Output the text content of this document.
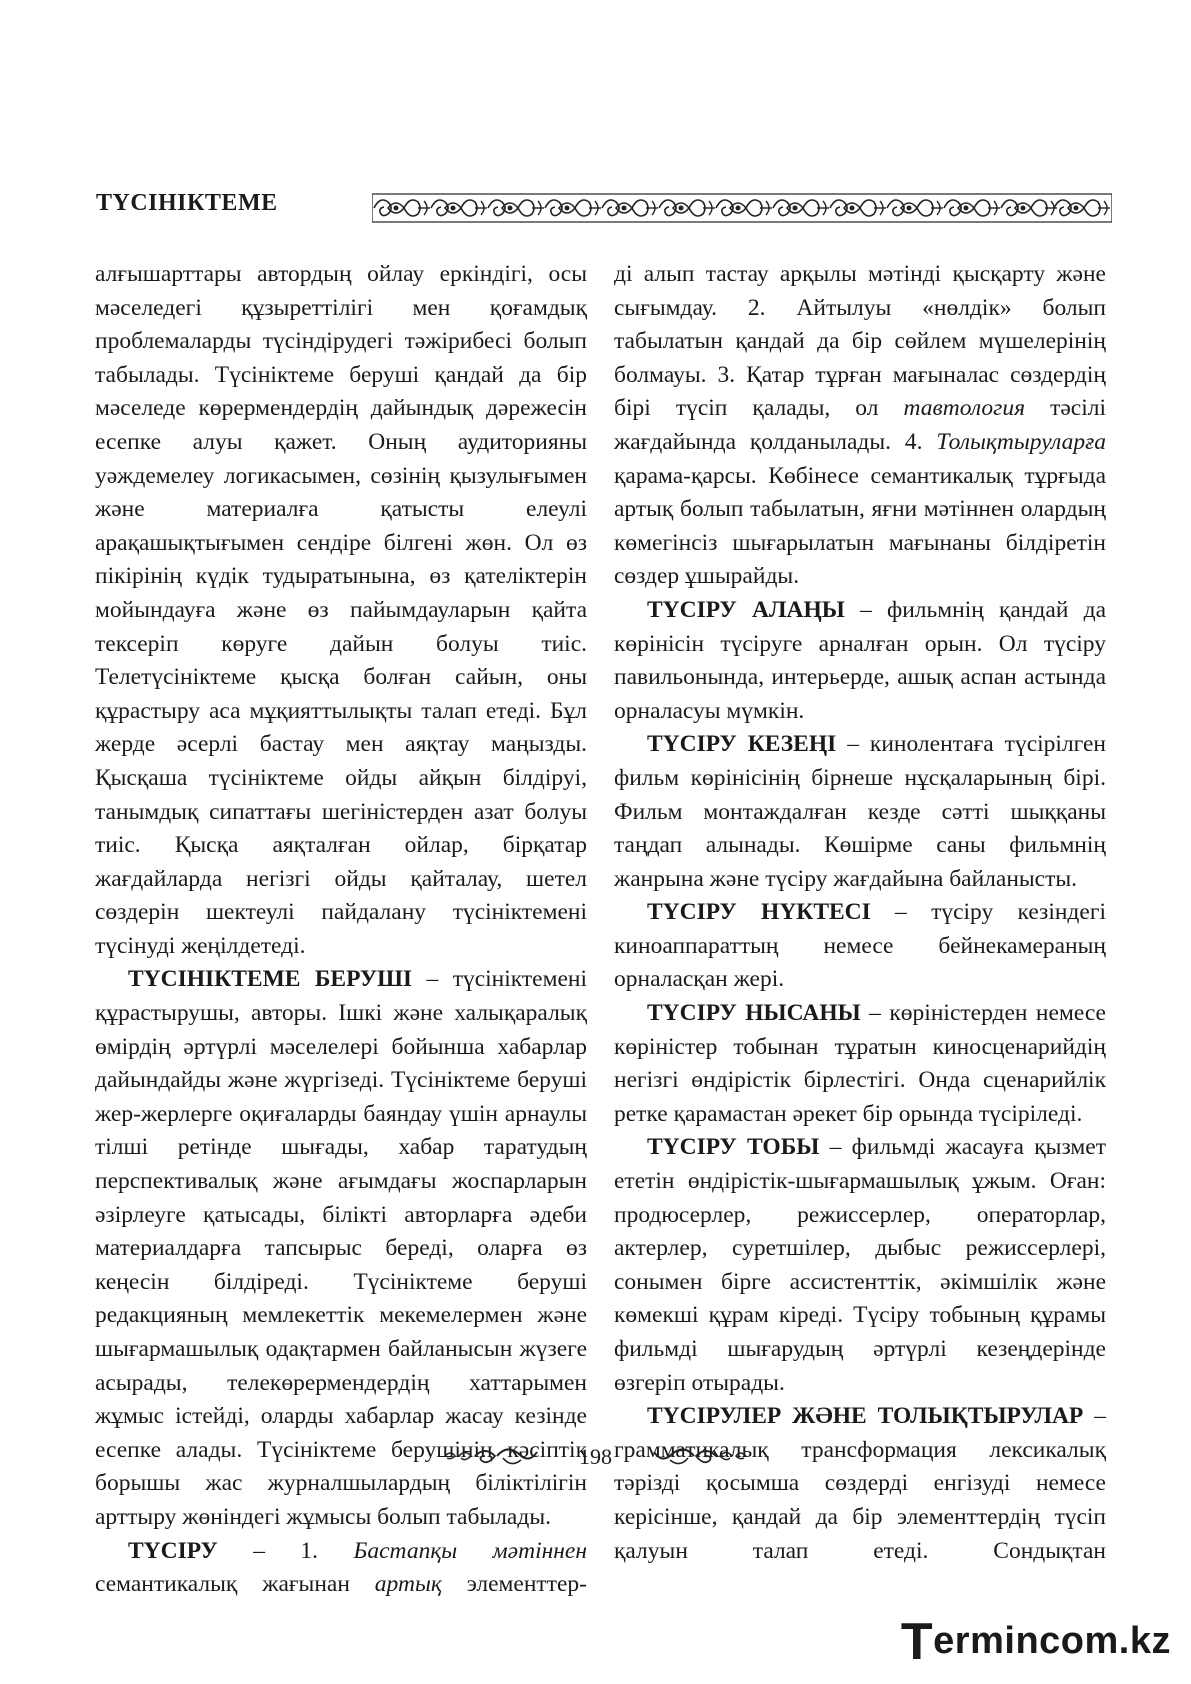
ТҮСІНІКТЕМЕ

алғышарттары автордың ойлау еркіндігі, осы мәселедегі құзыреттілігі мен қоғамдық проблемаларды түсіндірудегі тәжірибесі болып табылады. Түсініктеме беруші қандай да бір мәселеде көрермендердің дайындық дәрежесін есепке алуы қажет. Оның аудиторияны уәждемелеу логикасымен, сөзінің қызулығымен және материалға қатысты елеулі арақашықтығымен сендіре білгені жөн. Ол өз пікірінің күдік тудыратынына, өз қателіктерін мойындауға және өз пайымдауларын қайта тексеріп көруге дайын болуы тиіс. Телетүсініктеме қысқа болған сайын, оны құрастыру аса мұқияттылықты талап етеді. Бұл жерде әсерлі бастау мен аяқтау маңызды. Қысқаша түсініктеме ойды айқын білдіруі, танымдық сипаттағы шегіністерден азат болуы тиіс. Қысқа аяқталған ойлар, бірқатар жағдайларда негізгі ойды қайталау, шетел сөздерін шектеулі пайдалану түсініктемені түсінуді жеңілдетеді.

ТҮСІНІКТЕМЕ БЕРУШІ – түсініктемені құрастырушы, авторы. Ішкі және халықаралық өмірдің әртүрлі мәселелері бойынша хабарлар дайындайды және жүргізеді. Түсініктеме беруші жер-жерлерге оқиғаларды баяндау үшін арнаулы тілші ретінде шығады, хабар таратудың перспективалық және ағымдағы жоспарларын әзірлеуге қатысады, білікті авторларға әдеби материалдарға тапсырыс береді, оларға өз кеңесін білдіреді. Түсініктеме беруші редакцияның мемлекеттік мекемелермен және шығармашылық одақтармен байланысын жүзеге асырады, телекөрермендердің хаттарымен жұмыс істейді, оларды хабарлар жасау кезінде есепке алады. Түсініктеме берушінің кәсіптік борышы жас журналшылардың біліктілігін арттыру жөніндегі жұмысы болып табылады.

ТҮСІРУ – 1. Бастапқы мәтіннен семантикалық жағынан артық элементтер-

ді алып тастау арқылы мәтінді қысқарту және сығымдау. 2. Айтылуы «нөлдік» болып табылатын қандай да бір сөйлем мүшелерінің болмауы. 3. Қатар тұрған мағыналас сөздердің бірі түсіп қалады, ол тавтология тәсілі жағдайында қолданылады. 4. Толықтыруларға қарама-қарсы. Көбінесе семантикалық тұрғыда артық болып табылатын, яғни мәтіннен олардың көмегінсіз шығарылатын мағынаны білдіретін сөздер ұшырайды.

ТҮСІРУ АЛАҢЫ – фильмнің қандай да көрінісін түсіруге арналған орын. Ол түсіру павильонында, интерьерде, ашық аспан астында орналасуы мүмкін.

ТҮСІРУ КЕЗЕҢІ – кинолентаға түсірілген фильм көрінісінің бірнеше нұсқаларының бірі. Фильм монтаждалған кезде сәтті шыққаны таңдап алынады. Көшірме саны фильмнің жанрына және түсіру жағдайына байланысты.

ТҮСІРУ НҮКТЕСІ – түсіру кезіндегі киноаппараттың немесе бейнекамераның орналасқан жері.

ТҮСІРУ НЫСАНЫ – көріністерден немесе көріністер тобынан тұратын киносценарийдің негізгі өндірістік бірлестігі. Онда сценарийлік ретке қарамастан әрекет бір орында түсіріледі.

ТҮСІРУ ТОБЫ – фильмді жасауға қызмет ететін өндірістік-шығармашылық ұжым. Оған: продюсерлер, режиссерлер, операторлар, актерлер, суретшілер, дыбыс режиссерлері, сонымен бірге ассистенттік, әкімшілік және көмекші құрам кіреді. Түсіру тобының құрамы фильмді шығарудың әртүрлі кезеңдерінде өзгеріп отырады.

ТҮСІРУЛЕР ЖӘНЕ ТОЛЫҚТЫРУЛАР – грамматикалық трансформация лексикалық тәрізді қосымша сөздерді енгізуді немесе керісінше, қандай да бір элементтердің түсіп қалуын талап етеді. Сондықтан

198
Termincom.kz
